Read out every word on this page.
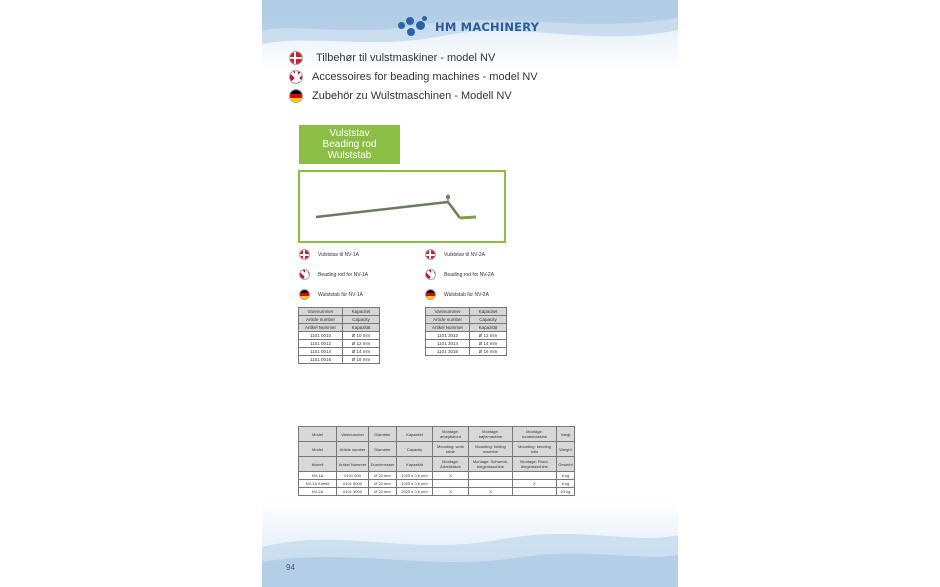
HM MACHINERY
Tilbehør til vulstmaskiner - model NV
Accessoires for beading machines - model NV
Zubehör zu Wulstmaschinen - Modell NV
Vulststav
Beading rod
Wulststab
Vulststav til NV-1A
Beading rod for NV-1A
Wulststab für NV-1A
Vulststav til NV-2A
Beading rod for NV-2A
Wulststab für NV-2A
Varenummer	Kapacitet
Article number	Capacity
Artikel Nummer	Kapazität
1101 0010	Ø 10 mm
1101 0012	Ø 12 mm
1101 0014	Ø 14 mm
1101 0016	Ø 16 mm
Varenummer	Kapacitet
Article number	Capacity
Artikel Nummer	Kapazität
1101 3012	Ø 12 mm
1101 3014	Ø 14 mm
1101 3016	Ø 16 mm
Model	Varenummer	Diameter	Kapacitet	Montage: arbejdsbord	Montage: bøjlemaskine	Montage: rundemaskine	Vægt
Model	Article number	Diameter	Capacity	Mounting: work table	Mounting: folding machine	Mounting: bending rolls	Weight
Modell	Artikel Nummer	Durchmesser	Kapazität	Montage: Arbeitstisch	Montage: Schwenk-biegemaschine	Montage: Rund-biegemaschine	Gewicht
NV-1A	0101 000	Ø 22 mm	1020 x 0,6 mm	X			6 kg
NV-1A Kombi	0101 5000	Ø 22 mm	1020 x 0,6 mm			X	6 kg
NV-2A	0101 3000	Ø 22 mm	2020 x 0,6 mm	X	X		23 kg
94
